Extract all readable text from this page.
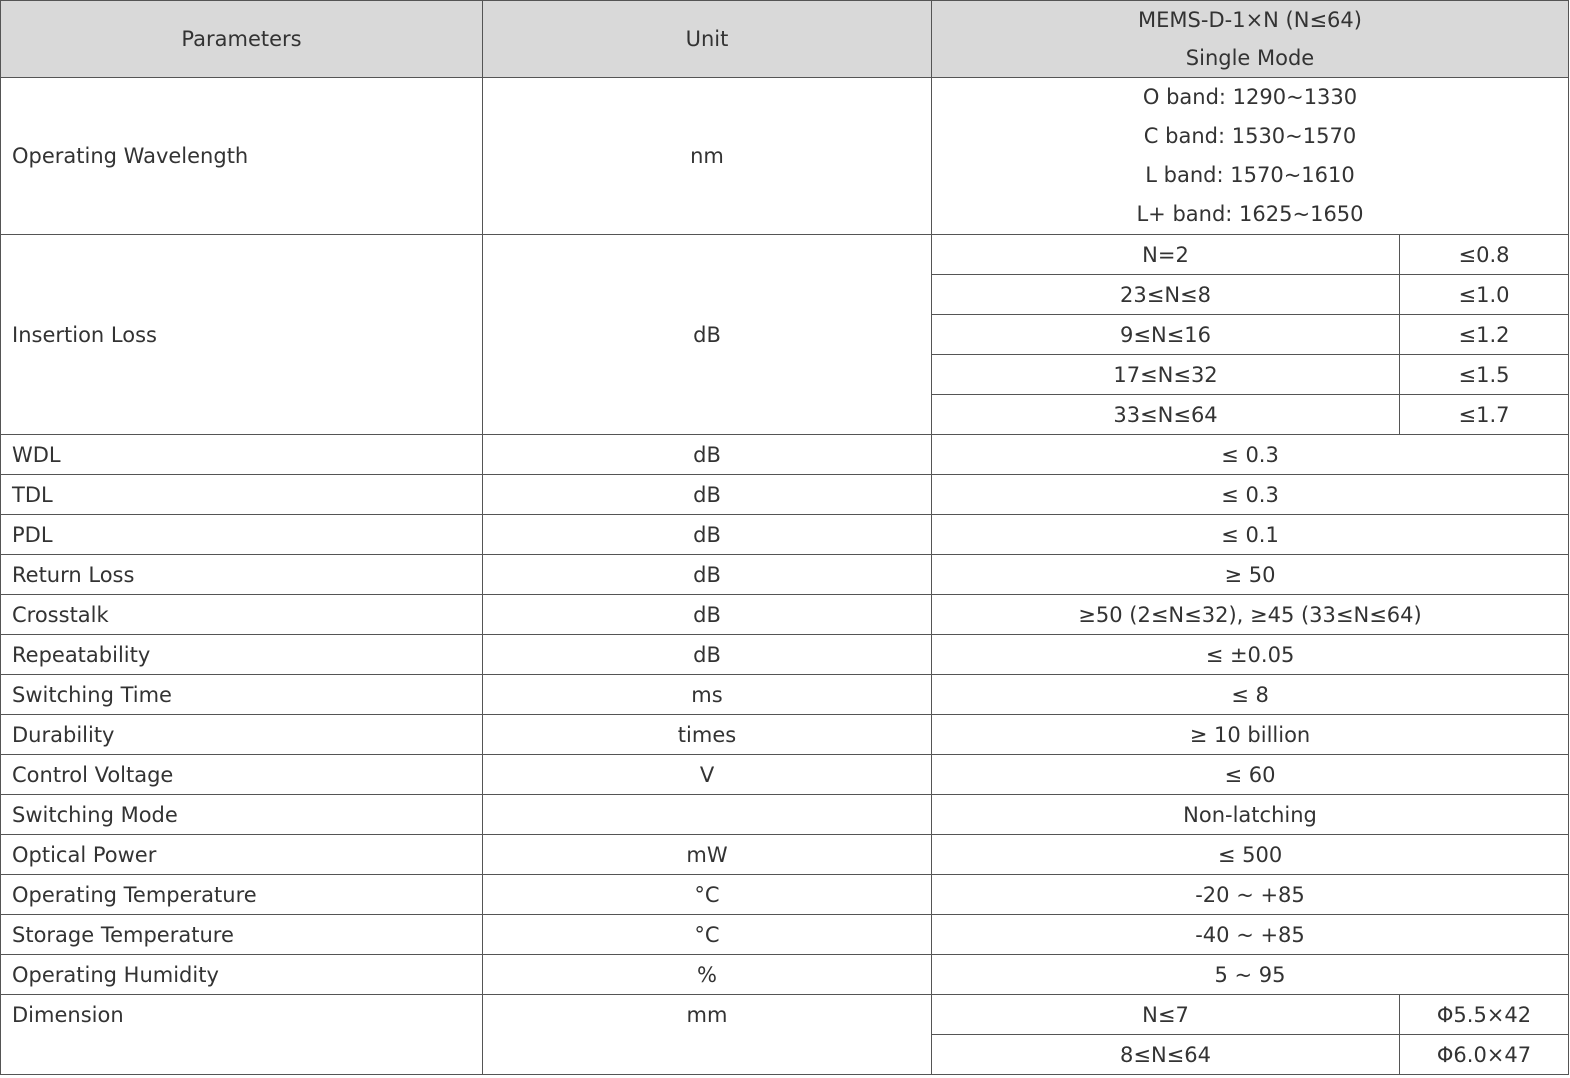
Parameters	Unit	MEMS-D-1×N (N≤64)
Single Mode	

Operating Wavelength	nm	O band: 1290~1330
C band: 1530~1570
L band: 1570~1610
L+ band: 1625~1650	

Insertion Loss	dB	N=2	≤0.8
		23≤N≤8	≤1.0
		9≤N≤16	≤1.2
		17≤N≤32	≤1.5
		33≤N≤64	≤1.7
WDL	dB	≤ 0.3	
TDL	dB	≤ 0.3	
PDL	dB	≤ 0.1	
Return Loss	dB	≥ 50	
Crosstalk	dB	≥50 (2≤N≤32), ≥45 (33≤N≤64)	
Repeatability	dB	≤ ±0.05	
Switching Time	ms	≤ 8	
Durability	times	≥ 10 billion	
Control Voltage	V	≤ 60	
Switching Mode		Non-latching	
Optical Power	mW	≤ 500	
Operating Temperature	°C	-20 ~ +85	
Storage Temperature	°C	-40 ~ +85	
Operating Humidity	%	5 ~ 95	
Dimension	mm	N≤7	Φ5.5×42
		8≤N≤64	Φ6.0×47
